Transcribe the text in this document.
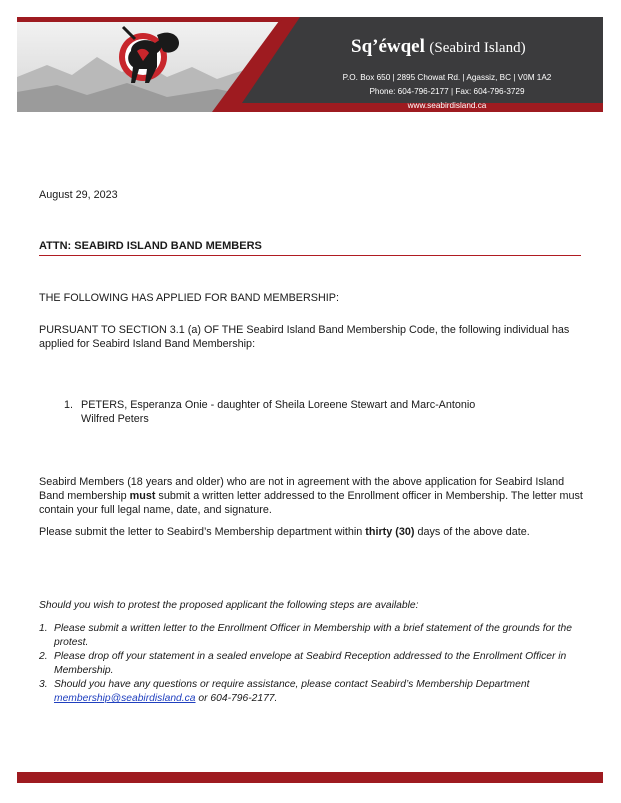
Sq’éwqel (Seabird Island)
P.O. Box 650 | 2895 Chowat Rd. | Agassiz, BC | V0M 1A2
Phone: 604-796-2177 | Fax: 604-796-3729
www.seabirdisland.ca
August 29, 2023
ATTN: SEABIRD ISLAND BAND MEMBERS
THE FOLLOWING HAS APPLIED FOR BAND MEMBERSHIP:
PURSUANT TO SECTION 3.1 (a) OF THE Seabird Island Band Membership Code, the following individual has applied for Seabird Island Band Membership:
1. PETERS, Esperanza Onie - daughter of Sheila Loreene Stewart and Marc-Antonio
Wilfred Peters
Seabird Members (18 years and older) who are not in agreement with the above application for Seabird Island Band membership must submit a written letter addressed to the Enrollment officer in Membership. The letter must contain your full legal name, date, and signature.
Please submit the letter to Seabird’s Membership department within thirty (30) days of the above date.
Should you wish to protest the proposed applicant the following steps are available:
1. Please submit a written letter to the Enrollment Officer in Membership with a brief statement of the grounds for the protest.
2. Please drop off your statement in a sealed envelope at Seabird Reception addressed to the Enrollment Officer in Membership.
3. Should you have any questions or require assistance, please contact Seabird’s Membership Department
membership@seabirdisland.ca or 604-796-2177.
